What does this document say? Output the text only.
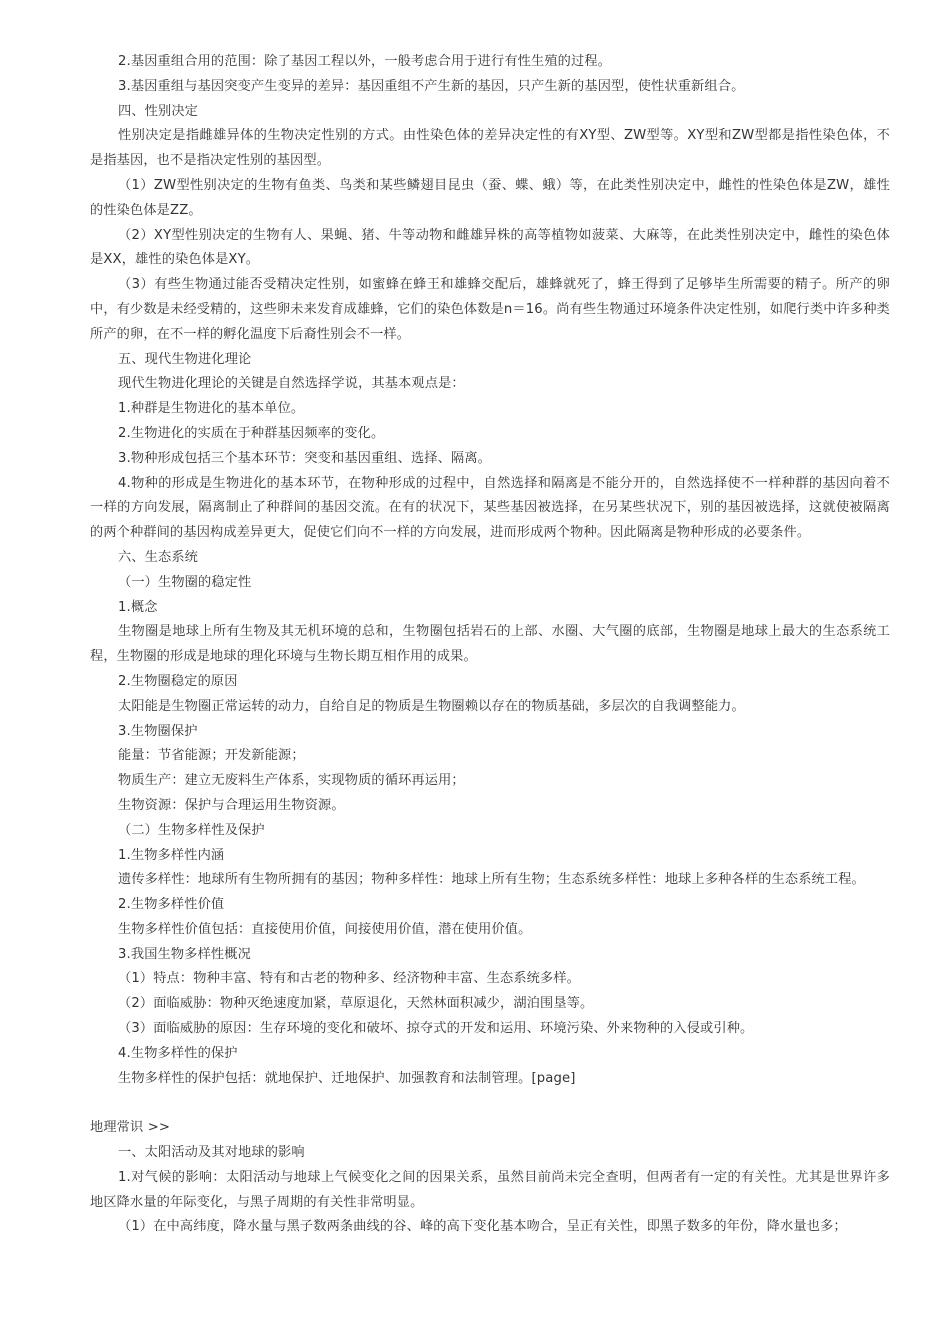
2.基因重组合用的范围：除了基因工程以外，一般考虑合用于进行有性生殖的过程。

3.基因重组与基因突变产生变异的差异：基因重组不产生新的基因，只产生新的基因型，使性状重新组合。

四、性别决定

性别决定是指雌雄异体的生物决定性别的方式。由性染色体的差异决定性的有XY型、ZW型等。XY型和ZW型都是指性染色体，不是指基因，也不是指决定性别的基因型。

（1）ZW型性别决定的生物有鱼类、鸟类和某些鳞翅目昆虫（蚕、蝶、蛾）等，在此类性别决定中，雌性的性染色体是ZW，雄性的性染色体是ZZ。

（2）XY型性别决定的生物有人、果蝇、猪、牛等动物和雌雄异株的高等植物如菠菜、大麻等，在此类性别决定中，雌性的染色体是XX，雄性的染色体是XY。

（3）有些生物通过能否受精决定性别，如蜜蜂在蜂王和雄蜂交配后，雄蜂就死了，蜂王得到了足够毕生所需要的精子。所产的卵中，有少数是未经受精的，这些卵未来发育成雄蜂，它们的染色体数是n＝16。尚有些生物通过环境条件决定性别，如爬行类中许多种类所产的卵，在不一样的孵化温度下后裔性别会不一样。

五、现代生物进化理论

现代生物进化理论的关键是自然选择学说，其基本观点是：

1.种群是生物进化的基本单位。

2.生物进化的实质在于种群基因频率的变化。

3.物种形成包括三个基本环节：突变和基因重组、选择、隔离。

4.物种的形成是生物进化的基本环节，在物种形成的过程中，自然选择和隔离是不能分开的，自然选择使不一样种群的基因向着不一样的方向发展，隔离制止了种群间的基因交流。在有的状况下，某些基因被选择，在另某些状况下，别的基因被选择，这就使被隔离的两个种群间的基因构成差异更大，促使它们向不一样的方向发展，进而形成两个物种。因此隔离是物种形成的必要条件。

六、生态系统

（一）生物圈的稳定性

1.概念

生物圈是地球上所有生物及其无机环境的总和，生物圈包括岩石的上部、水圈、大气圈的底部，生物圈是地球上最大的生态系统工程，生物圈的形成是地球的理化环境与生物长期互相作用的成果。

2.生物圈稳定的原因

太阳能是生物圈正常运转的动力，自给自足的物质是生物圈赖以存在的物质基础，多层次的自我调整能力。

3.生物圈保护

能量：节省能源；开发新能源；

物质生产：建立无废料生产体系，实现物质的循环再运用；

生物资源：保护与合理运用生物资源。

（二）生物多样性及保护

1.生物多样性内涵

遗传多样性：地球所有生物所拥有的基因；物种多样性：地球上所有生物；生态系统多样性：地球上多种各样的生态系统工程。

2.生物多样性价值

生物多样性价值包括：直接使用价值，间接使用价值，潜在使用价值。

3.我国生物多样性概况

（1）特点：物种丰富、特有和古老的物种多、经济物种丰富、生态系统多样。

（2）面临威胁：物种灭绝速度加紧，草原退化，天然林面积减少，湖泊围垦等。

（3）面临威胁的原因：生存环境的变化和破坏、掠夺式的开发和运用、环境污染、外来物种的入侵或引种。

4.生物多样性的保护

生物多样性的保护包括：就地保护、迁地保护、加强教育和法制管理。[page]

地理常识 >>

一、太阳活动及其对地球的影响

1.对气候的影响：太阳活动与地球上气候变化之间的因果关系，虽然目前尚未完全查明，但两者有一定的有关性。尤其是世界许多地区降水量的年际变化，与黑子周期的有关性非常明显。

（1）在中高纬度，降水量与黑子数两条曲线的谷、峰的高下变化基本吻合，呈正有关性，即黑子数多的年份，降水量也多；
